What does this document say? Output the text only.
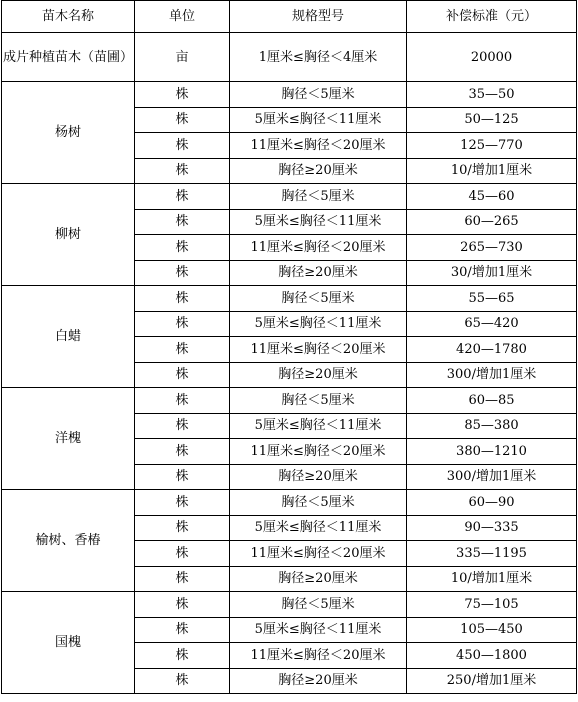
苗木名称	单位	规格型号	补偿标准（元）
成片种植苗木（苗圃）	亩	1厘米≤胸径＜4厘米	20000
杨树	株	胸径＜5厘米	35—50
	株	5厘米≤胸径＜11厘米	50—125
	株	11厘米≤胸径＜20厘米	125—770
	株	胸径≥20厘米	10/增加1厘米
柳树	株	胸径＜5厘米	45—60
	株	5厘米≤胸径＜11厘米	60—265
	株	11厘米≤胸径＜20厘米	265—730
	株	胸径≥20厘米	30/增加1厘米
白蜡	株	胸径＜5厘米	55—65
	株	5厘米≤胸径＜11厘米	65—420
	株	11厘米≤胸径＜20厘米	420—1780
	株	胸径≥20厘米	300/增加1厘米
洋槐	株	胸径＜5厘米	60—85
	株	5厘米≤胸径＜11厘米	85—380
	株	11厘米≤胸径＜20厘米	380—1210
	株	胸径≥20厘米	300/增加1厘米
榆树、香椿	株	胸径＜5厘米	60—90
	株	5厘米≤胸径＜11厘米	90—335
	株	11厘米≤胸径＜20厘米	335—1195
	株	胸径≥20厘米	10/增加1厘米
国槐	株	胸径＜5厘米	75—105
	株	5厘米≤胸径＜11厘米	105—450
	株	11厘米≤胸径＜20厘米	450—1800
	株	胸径≥20厘米	250/增加1厘米
